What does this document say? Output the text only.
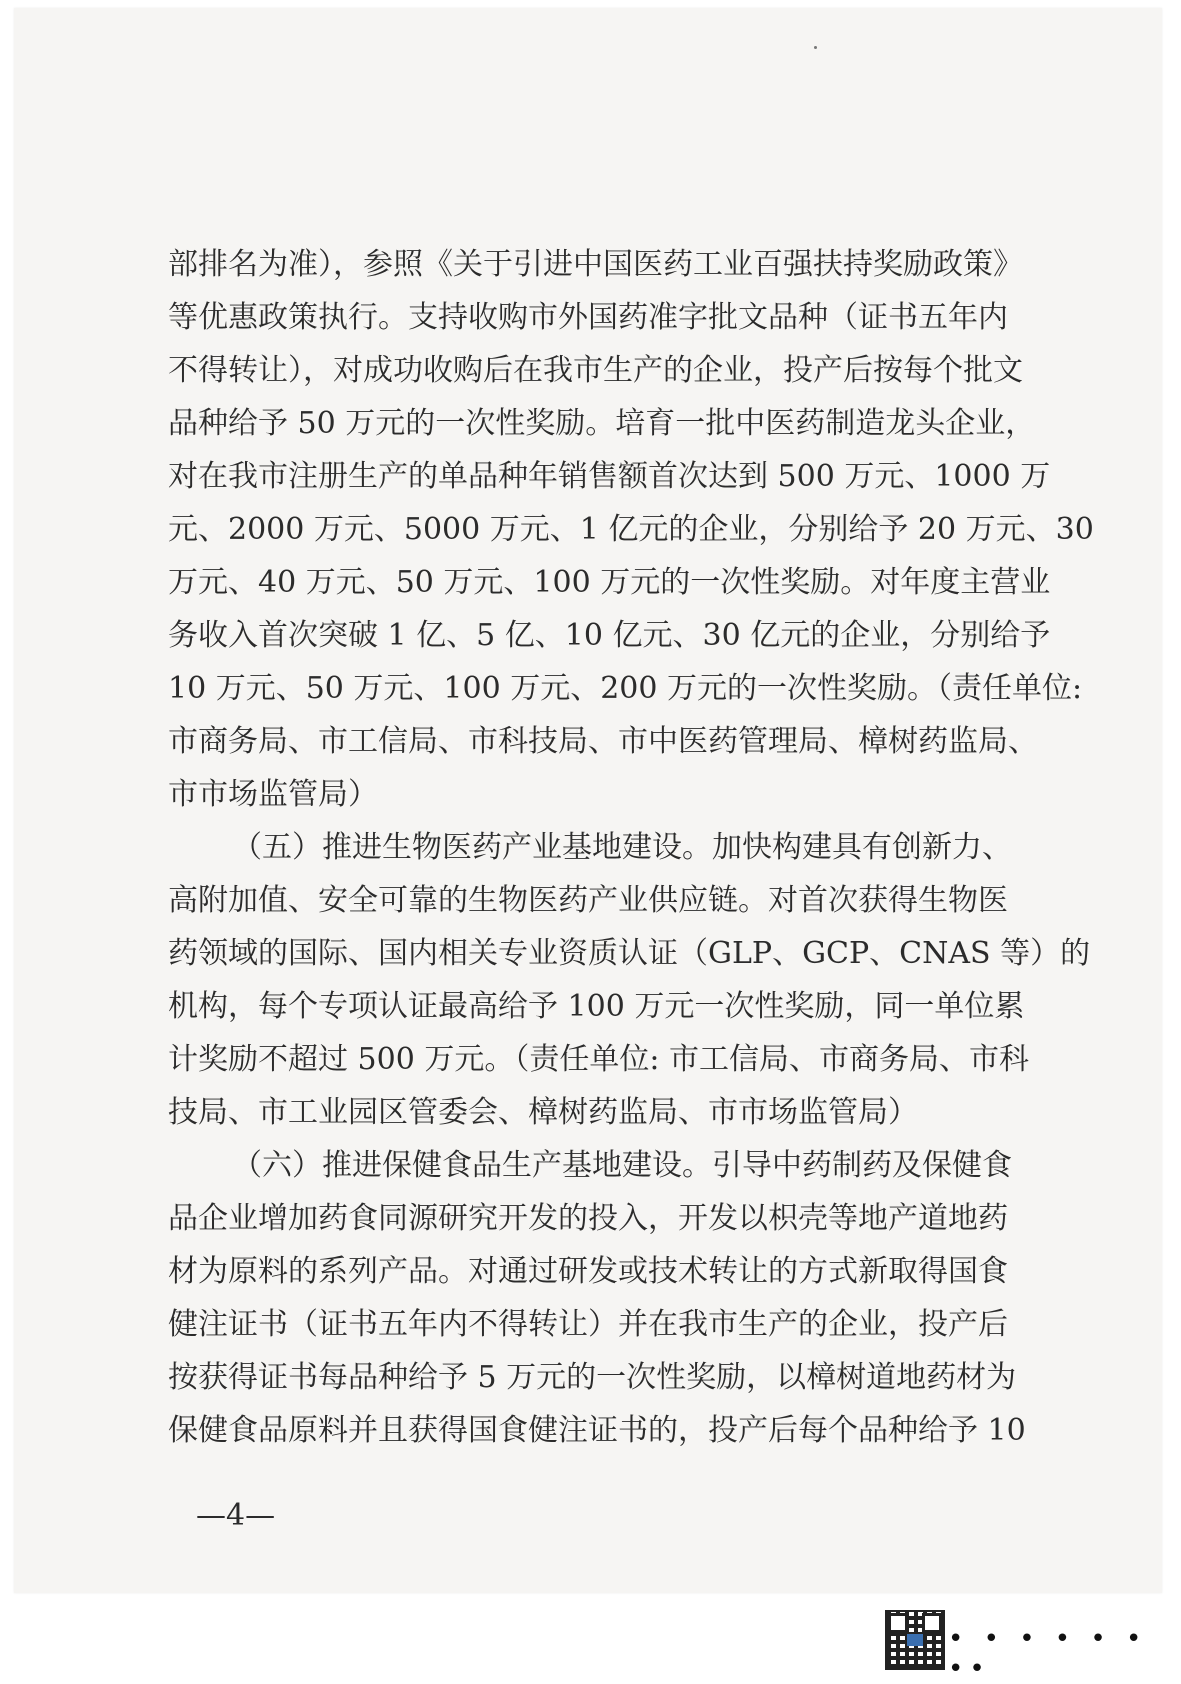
部排名为准），参照《关于引进中国医药工业百强扶持奖励政策》
等优惠政策执行。支持收购市外国药准字批文品种（证书五年内
不得转让），对成功收购后在我市生产的企业，投产后按每个批文
品种给予 50 万元的一次性奖励。培育一批中医药制造龙头企业，
对在我市注册生产的单品种年销售额首次达到 500 万元、1000 万
元、2000 万元、5000 万元、1 亿元的企业，分别给予 20 万元、30
万元、40 万元、50 万元、100 万元的一次性奖励。对年度主营业
务收入首次突破 1 亿、5 亿、10 亿元、30 亿元的企业，分别给予
10 万元、50 万元、100 万元、200 万元的一次性奖励。（责任单位:
市商务局、市工信局、市科技局、市中医药管理局、樟树药监局、
市市场监管局）
（五）推进生物医药产业基地建设。加快构建具有创新力、
高附加值、安全可靠的生物医药产业供应链。对首次获得生物医
药领域的国际、国内相关专业资质认证（GLP、GCP、CNAS 等）的
机构，每个专项认证最高给予 100 万元一次性奖励，同一单位累
计奖励不超过 500 万元。（责任单位: 市工信局、市商务局、市科
技局、市工业园区管委会、樟树药监局、市市场监管局）
（六）推进保健食品生产基地建设。引导中药制药及保健食
品企业增加药食同源研究开发的投入，开发以枳壳等地产道地药
材为原料的系列产品。对通过研发或技术转让的方式新取得国食
健注证书（证书五年内不得转让）并在我市生产的企业，投产后
按获得证书每品种给予 5 万元的一次性奖励，以樟树道地药材为
保健食品原料并且获得国食健注证书的，投产后每个品种给予 10
—4—
• • • • • • ••
